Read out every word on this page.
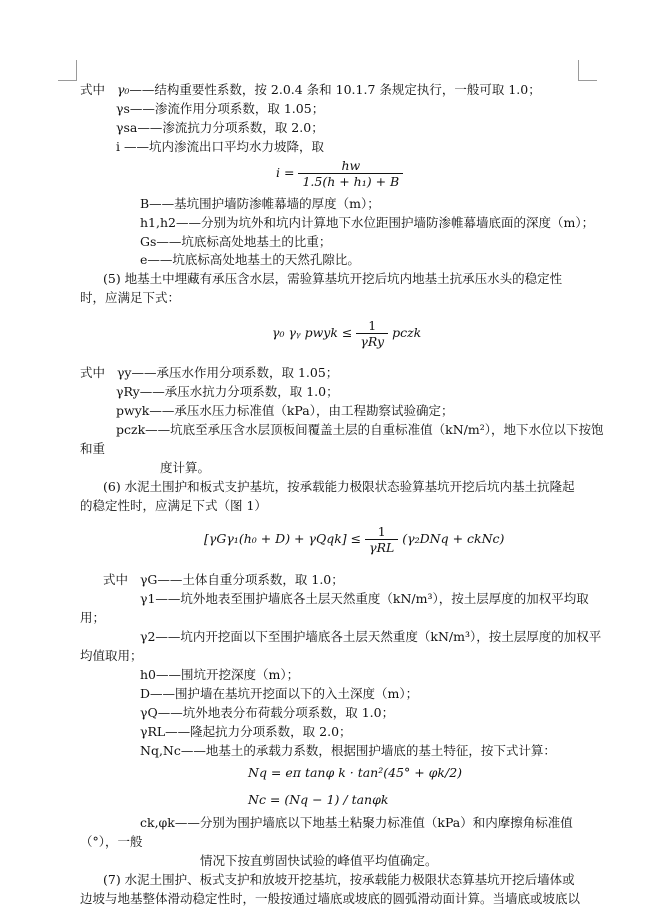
式中 γ₀——结构重要性系数，按 2.0.4 条和 10.1.7 条规定执行，一般可取 1.0；
γs——渗流作用分项系数，取 1.05；
γsa——渗流抗力分项系数，取 2.0；
i ——坑内渗流出口平均水力坡降，取
$i = \frac{hw}{\text{1.5(h + h₁) + B}}$
B——基坑围护墙防渗帷幕墙的厚度（m）；
h1,h2——分别为坑外和坑内计算地下水位距围护墙防渗帷幕墙底面的深度（m）；
Gs——坑底标高处地基土的比重；
e——坑底标高处地基土的天然孔隙比。
(5) 地基土中埋藏有承压含水层，需验算基坑开挖后坑内地基土抗承压水头的稳定性
时，应满足下式：
γ₀ γᵧ pwyk ≤ $\frac{1}{\text{γRy}}$ pczk
式中 γy——承压水作用分项系数，取 1.05；
γRy——承压水抗力分项系数，取 1.0；
pwyk——承压水压力标准值（kPa），由工程勘察试验确定；
pczk——坑底至承压含水层顶板间覆盖土层的自重标准值（kN/m²），地下水位以下按饱
和重
度计算。
(6) 水泥土围护和板式支护基坑，按承载能力极限状态验算基坑开挖后坑内基土抗隆起
的稳定性时，应满足下式（图 1）
$[\gamma G\gamma_1(h_0 + D) + \gamma Qqk] \le \frac{1}{\text{γRL}} (\gamma_2DNq$ + ckNc)
式中 γG——土体自重分项系数，取 1.0；
γ1——坑外地表至围护墙底各土层天然重度（kN/m³），按土层厚度的加权平均取
用；
γ2——坑内开挖面以下至围护墙底各土层天然重度（kN/m³），按土层厚度的加权平
均值取用；
h0——围坑开挖深度（m）；
D——围护墙在基坑开挖面以下的入土深度（m）；
γQ——坑外地表分布荷载分项系数，取 1.0；
γRL——隆起抗力分项系数，取 2.0；
Nq,Nc——地基土的承载力系数，根据围护墙底的基土特征，按下式计算：
Nq = eπ tanφ k · tan²(45° + φk/2)
Nc = (Nq − 1) / tanφk
ck,φk——分别为围护墙底以下地基土粘聚力标准值（kPa）和内摩擦角标准值
（°），一般
情况下按直剪固快试验的峰值平均值确定。
(7) 水泥土围护、板式支护和放坡开挖基坑，按承载能力极限状态算基坑开挖后墙体或
边坡与地基整体滑动稳定性时，一般按通过墙底或坡底的圆弧滑动面计算。当墙底或坡底以
